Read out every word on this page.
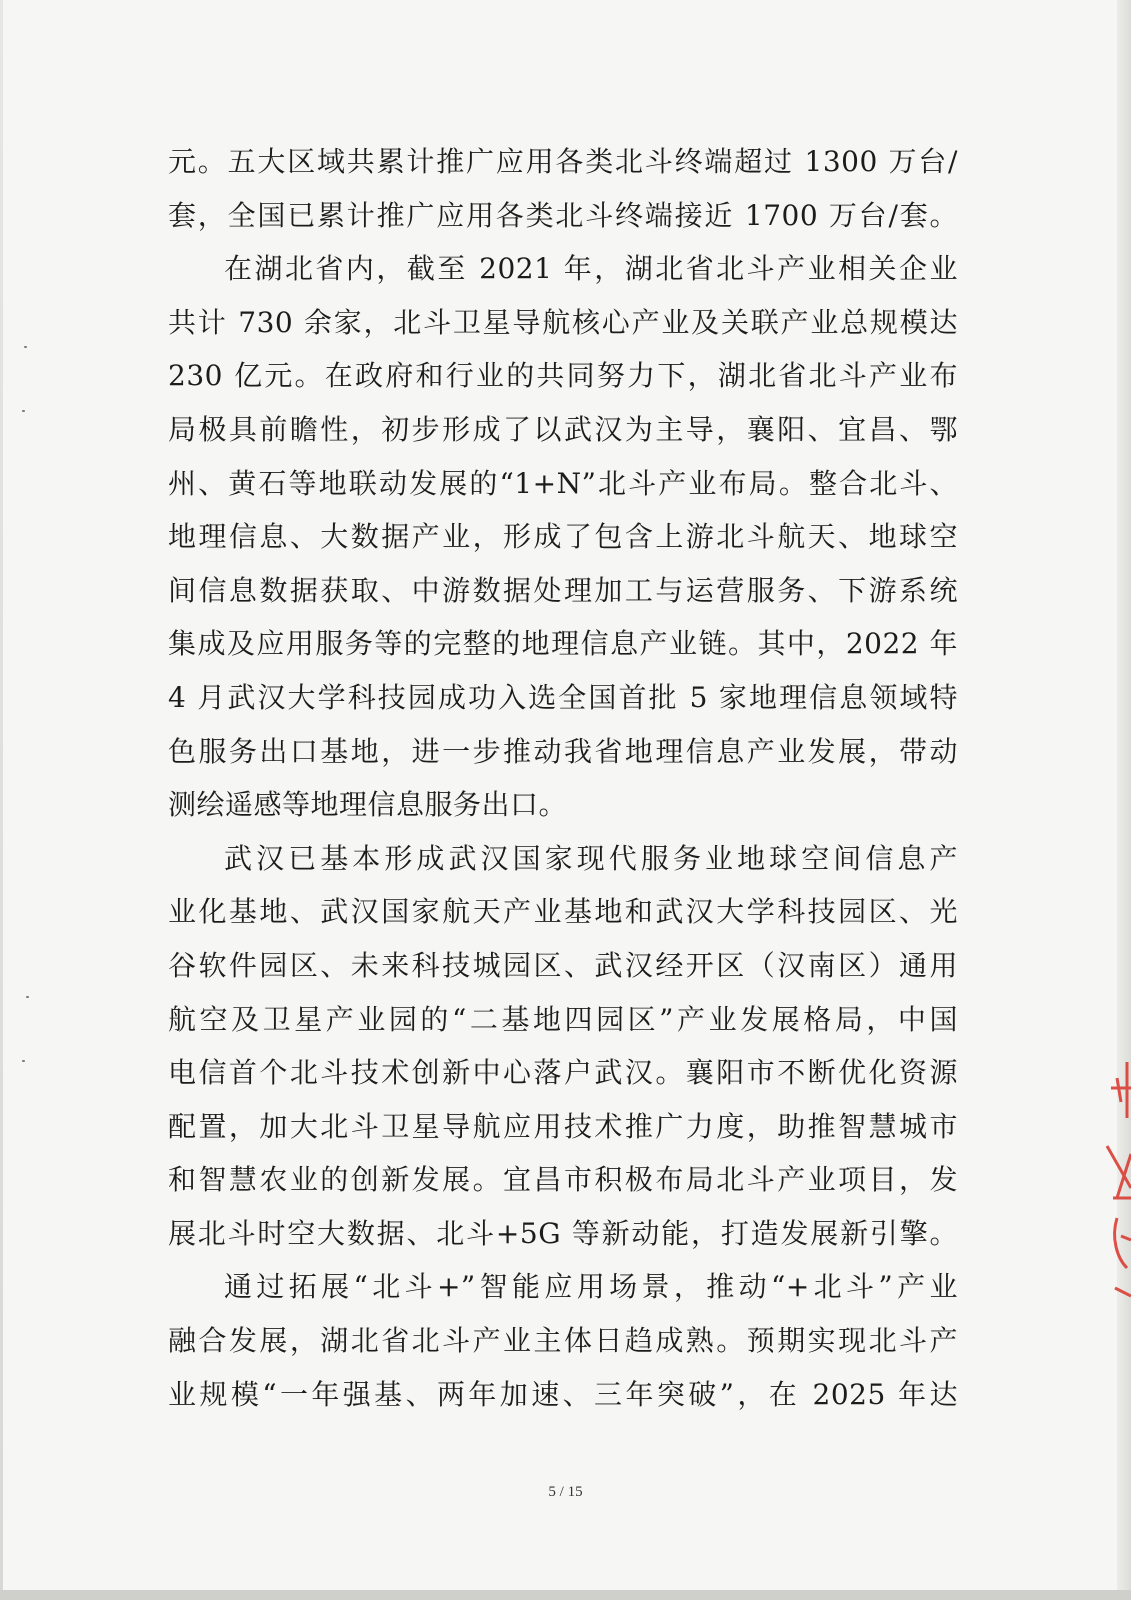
元。五大区域共累计推广应用各类北斗终端超过 1300 万台/

套，全国已累计推广应用各类北斗终端接近 1700 万台/套。

在湖北省内，截至 2021 年，湖北省北斗产业相关企业

共计 730 余家，北斗卫星导航核心产业及关联产业总规模达

230 亿元。在政府和行业的共同努力下，湖北省北斗产业布

局极具前瞻性，初步形成了以武汉为主导，襄阳、宜昌、鄂

州、黄石等地联动发展的“1+N”北斗产业布局。整合北斗、

地理信息、大数据产业，形成了包含上游北斗航天、地球空

间信息数据获取、中游数据处理加工与运营服务、下游系统

集成及应用服务等的完整的地理信息产业链。其中，2022 年

4 月武汉大学科技园成功入选全国首批 5 家地理信息领域特

色服务出口基地，进一步推动我省地理信息产业发展，带动

测绘遥感等地理信息服务出口。

武汉已基本形成武汉国家现代服务业地球空间信息产

业化基地、武汉国家航天产业基地和武汉大学科技园区、光

谷软件园区、未来科技城园区、武汉经开区（汉南区）通用

航空及卫星产业园的“二基地四园区”产业发展格局，中国

电信首个北斗技术创新中心落户武汉。襄阳市不断优化资源

配置，加大北斗卫星导航应用技术推广力度，助推智慧城市

和智慧农业的创新发展。宜昌市积极布局北斗产业项目，发

展北斗时空大数据、北斗+5G 等新动能，打造发展新引擎。

通过拓展“北斗+”智能应用场景，推动“+北斗”产业

融合发展，湖北省北斗产业主体日趋成熟。预期实现北斗产

业规模“一年强基、两年加速、三年突破”，在 2025 年达

5 / 15
